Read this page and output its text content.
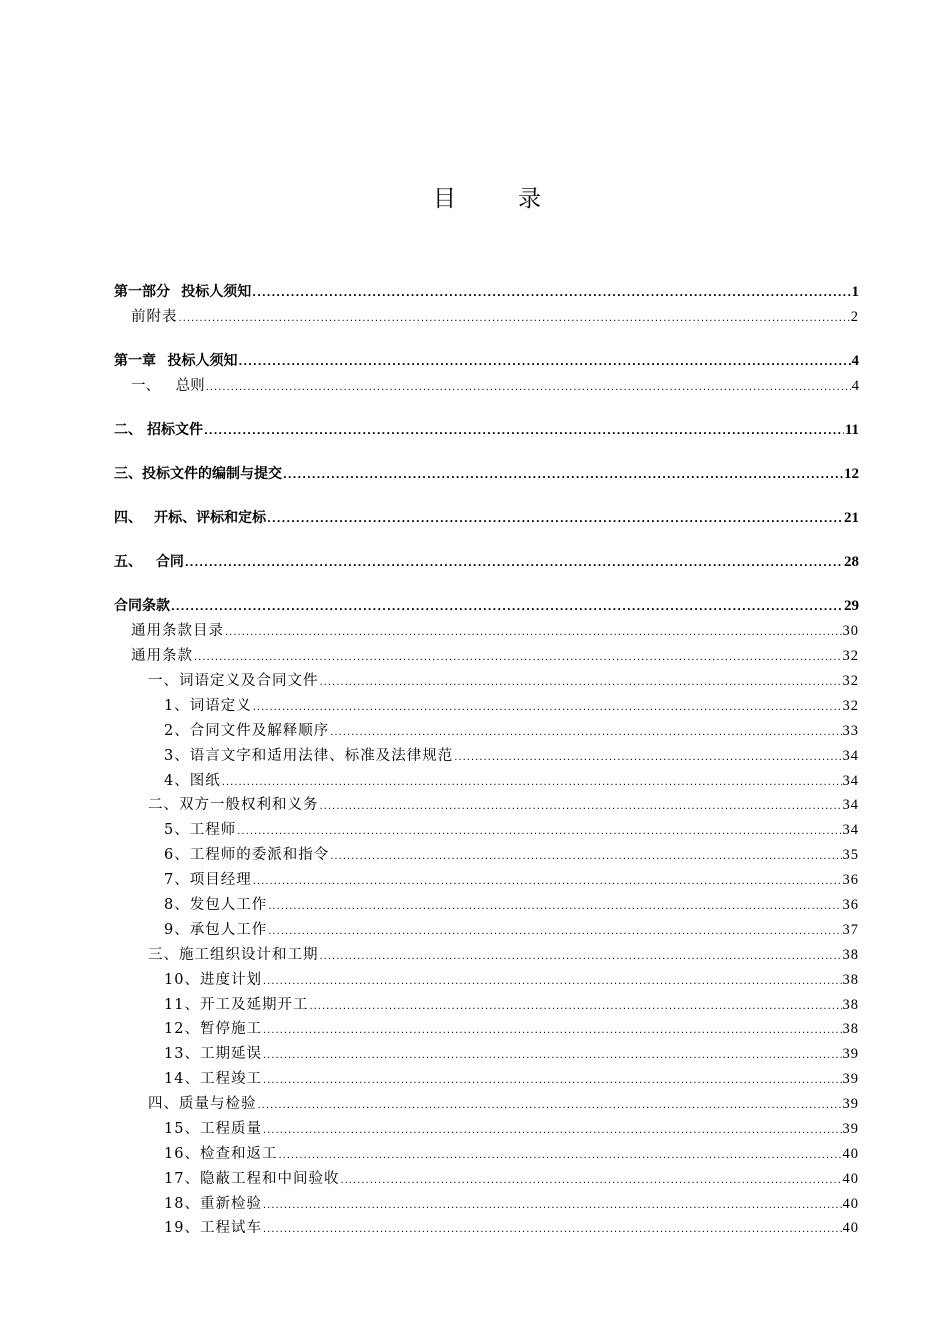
目	录
第一部分 投标人须知 .....	1
前附表 .....	2
第一章 投标人须知 .....	4
一、 总则 .....	4
二、 招标文件 .....	11
三、投标文件的编制与提交 .....	12
四、 开标、评标和定标 .....	21
五、 合同 .....	28
合同条款 .....	29
通用条款目录 .....	30
通用条款 .....	32
一、词语定义及合同文件 .....	32
1、词语定义 .....	32
2、合同文件及解释顺序 .....	33
3、语言文字和适用法律、标准及法律规范 .....	34
4、图纸 .....	34
二、双方一般权利和义务 .....	34
5、工程师 .....	34
6、工程师的委派和指令 .....	35
7、项目经理 .....	36
8、发包人工作 .....	36
9、承包人工作 .....	37
三、施工组织设计和工期 .....	38
10、进度计划 .....	38
11、开工及延期开工 .....	38
12、暂停施工 .....	38
13、工期延误 .....	39
14、工程竣工 .....	39
四、质量与检验 .....	39
15、工程质量 .....	39
16、检查和返工 .....	40
17、隐蔽工程和中间验收 .....	40
18、重新检验 .....	40
19、工程试车 .....	40
